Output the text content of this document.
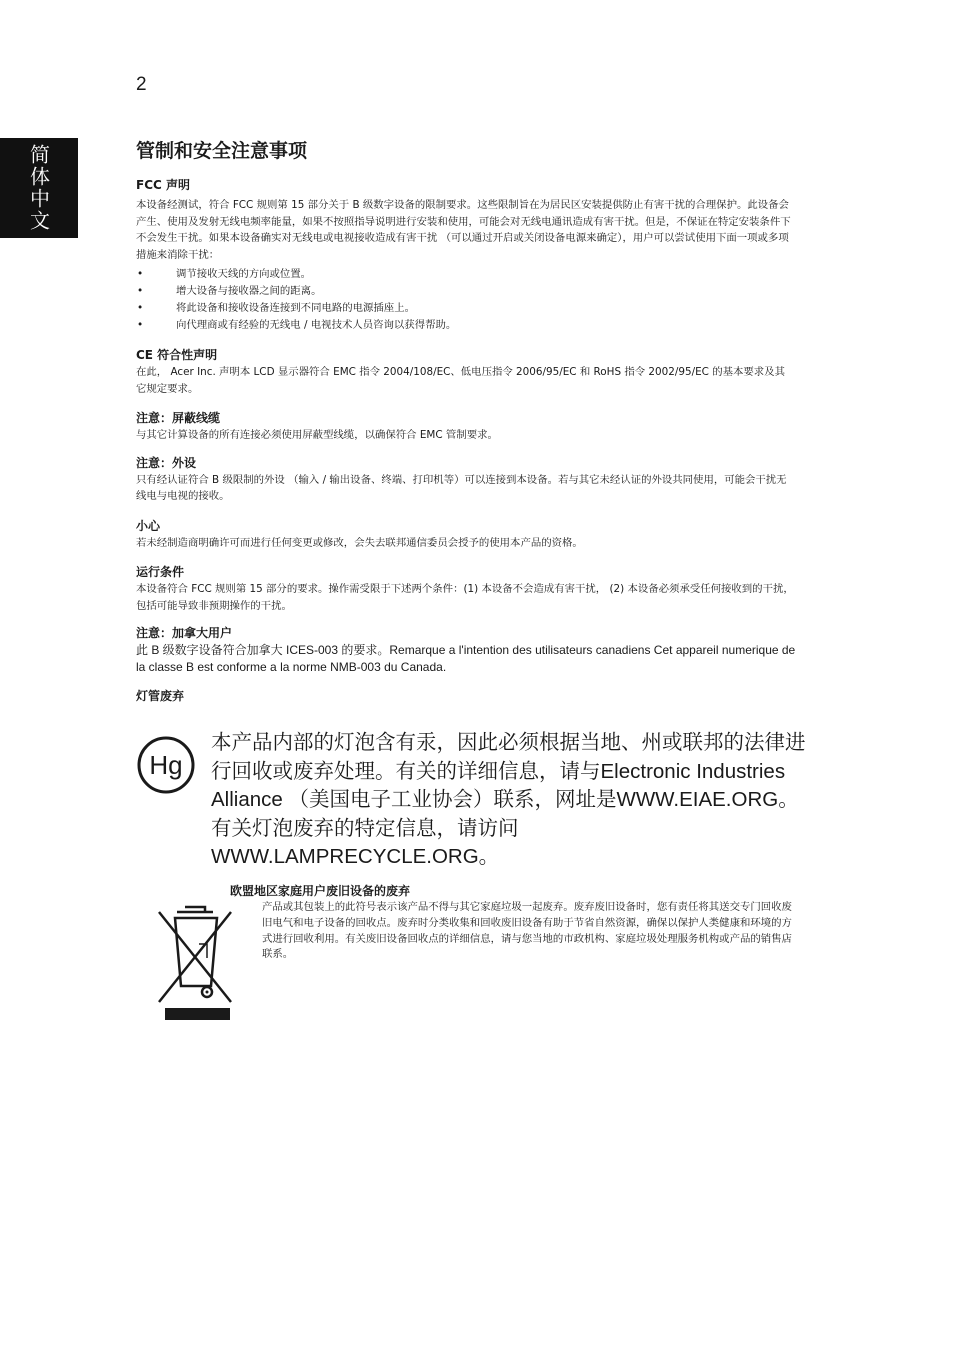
2
简体中文	管制和安全注意事项

FCC 声明

本设备经测试，符合 FCC 规则第 15 部分关于 B 级数字设备的限制要求。这些限制旨在为居民区安装提供防止有害干扰的合理保护。此设备会产生、使用及发射无线电频率能量，如果不按照指导说明进行安装和使用，可能会对无线电通讯造成有害干扰。但是，不保证在特定安装条件下不会发生干扰。如果本设备确实对无线电或电视接收造成有害干扰 （可以通过开启或关闭设备电源来确定），用户可以尝试使用下面一项或多项措施来消除干扰：

• 调节接收天线的方向或位置。
• 增大设备与接收器之间的距离。
• 将此设备和接收设备连接到不同电路的电源插座上。
• 向代理商或有经验的无线电 / 电视技术人员咨询以获得帮助。

CE 符合性声明

在此， Acer Inc. 声明本 LCD 显示器符合 EMC 指令 2004/108/EC、低电压指令 2006/95/EC 和 RoHS 指令 2002/95/EC 的基本要求及其它规定要求。

注意：屏蔽线缆

与其它计算设备的所有连接必须使用屏蔽型线缆，以确保符合 EMC 管制要求。

注意：外设

只有经认证符合 B 级限制的外设 （输入 / 输出设备、终端、打印机等）可以连接到本设备。若与其它未经认证的外设共同使用，可能会干扰无线电与电视的接收。

小心

若未经制造商明确许可而进行任何变更或修改，会失去联邦通信委员会授予的使用本产品的资格。

运行条件

本设备符合 FCC 规则第 15 部分的要求。操作需受限于下述两个条件：(1) 本设备不会造成有害干扰， (2) 本设备必须承受任何接收到的干扰，包括可能导致非预期操作的干扰。

注意：加拿大用户

此 B 级数字设备符合加拿大 ICES-003 的要求。Remarque a l'intention des utilisateurs canadiens Cet appareil numerique de la classe B est conforme a la norme NMB-003 du Canada.

灯管废弃

Hg
本产品内部的灯泡含有汞，因此必须根据当地、州或联邦的法律进行回收或废弃处理。有关的详细信息，请与Electronic Industries Alliance （美国电子工业协会）联系，网址是WWW.EIAE.ORG。有关灯泡废弃的特定信息，请访问 WWW.LAMPRECYCLE.ORG。
欧盟地区家庭用户废旧设备的废弃
产品或其包装上的此符号表示该产品不得与其它家庭垃圾一起废弃。废弃废旧设备时，您有责任将其送交专门回收废旧电气和电子设备的回收点。废弃时分类收集和回收废旧设备有助于节省自然资源，确保以保护人类健康和环境的方式进行回收利用。有关废旧设备回收点的详细信息，请与您当地的市政机构、家庭垃圾处理服务机构或产品的销售店联系。
